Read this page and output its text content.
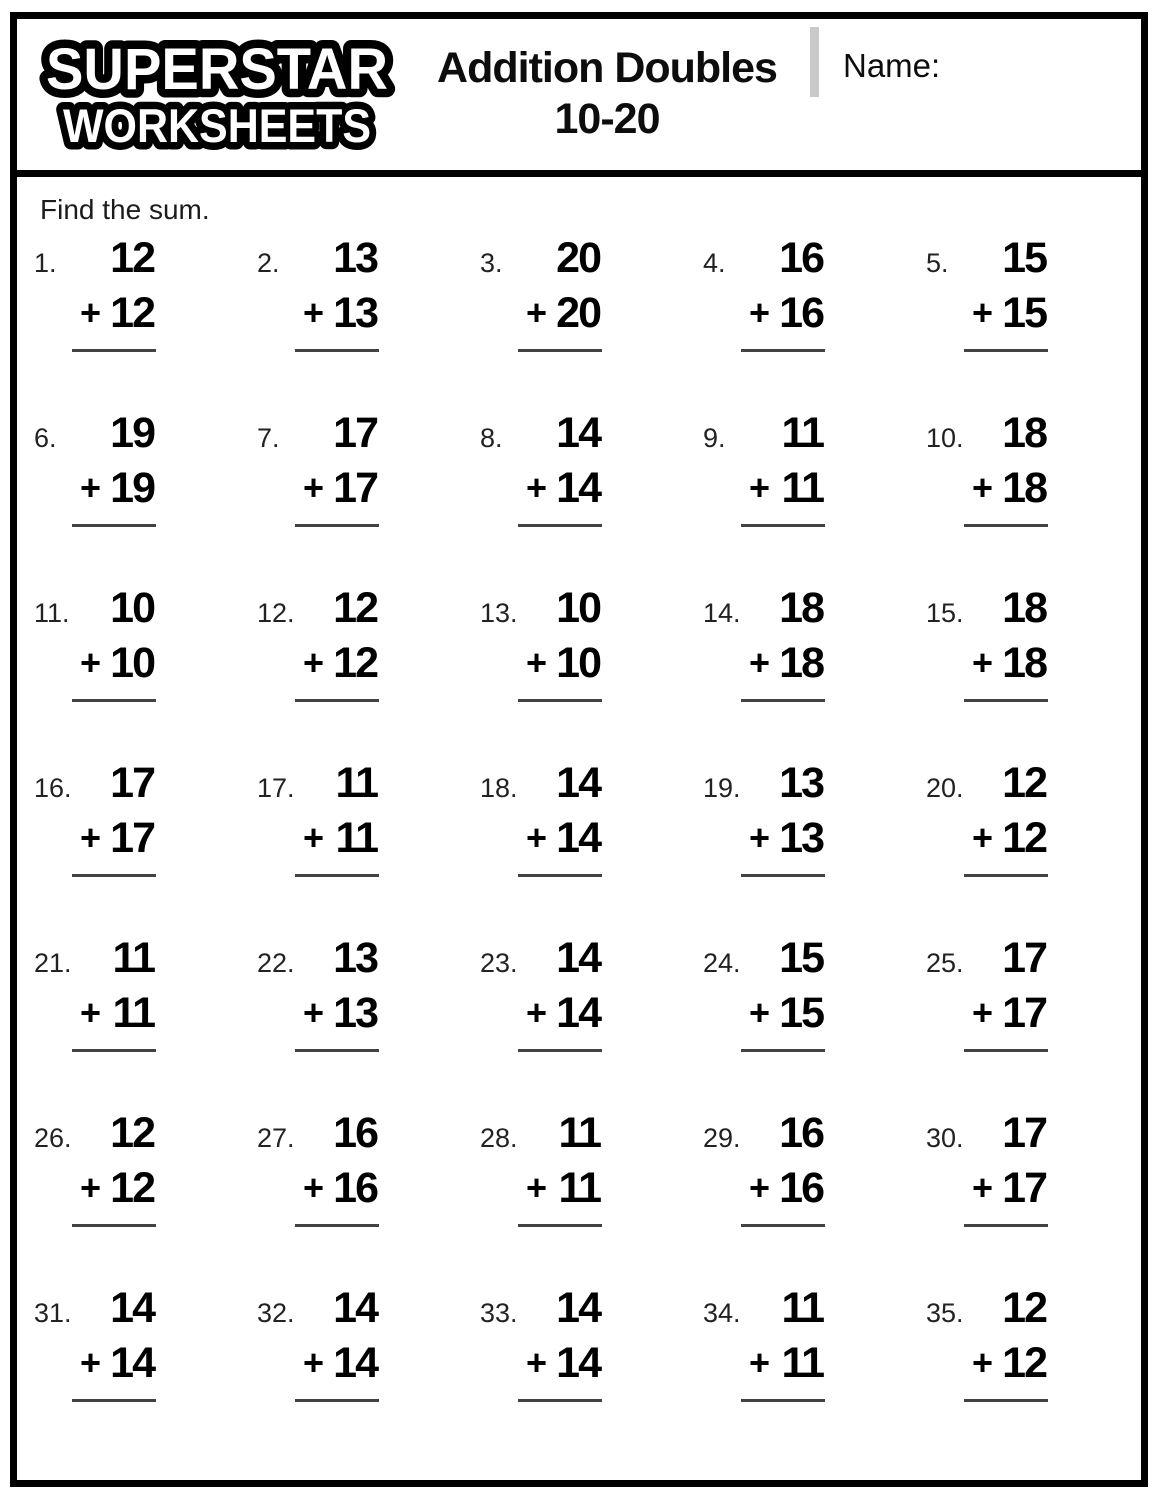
SUPERSTAR
WORKSHEETS
Addition Doubles
10-20
Name:
Find the sum.
1.	12
+ 12
2.	13
+ 13
3.	20
+ 20
4.	16
+ 16
5.	15
+ 15
6.	19
+ 19
7.	17
+ 17
8.	14
+ 14
9.	11
+ 11
10. 18
+ 18
11. 10
+ 10
12. 12
+ 12
13. 10
+ 10
14. 18
+ 18
15. 18
+ 18
16. 17
+ 17
17. 11
+ 11
18. 14
+ 14
19. 13
+ 13
20. 12
+ 12
21. 11
+ 11
22. 13
+ 13
23. 14
+ 14
24. 15
+ 15
25. 17
+ 17
26. 12
+ 12
27. 16
+ 16
28. 11
+ 11
29. 16
+ 16
30. 17
+ 17
31. 14
+ 14
32. 14
+ 14
33. 14
+ 14
34. 11
+ 11
35. 12
+ 12
